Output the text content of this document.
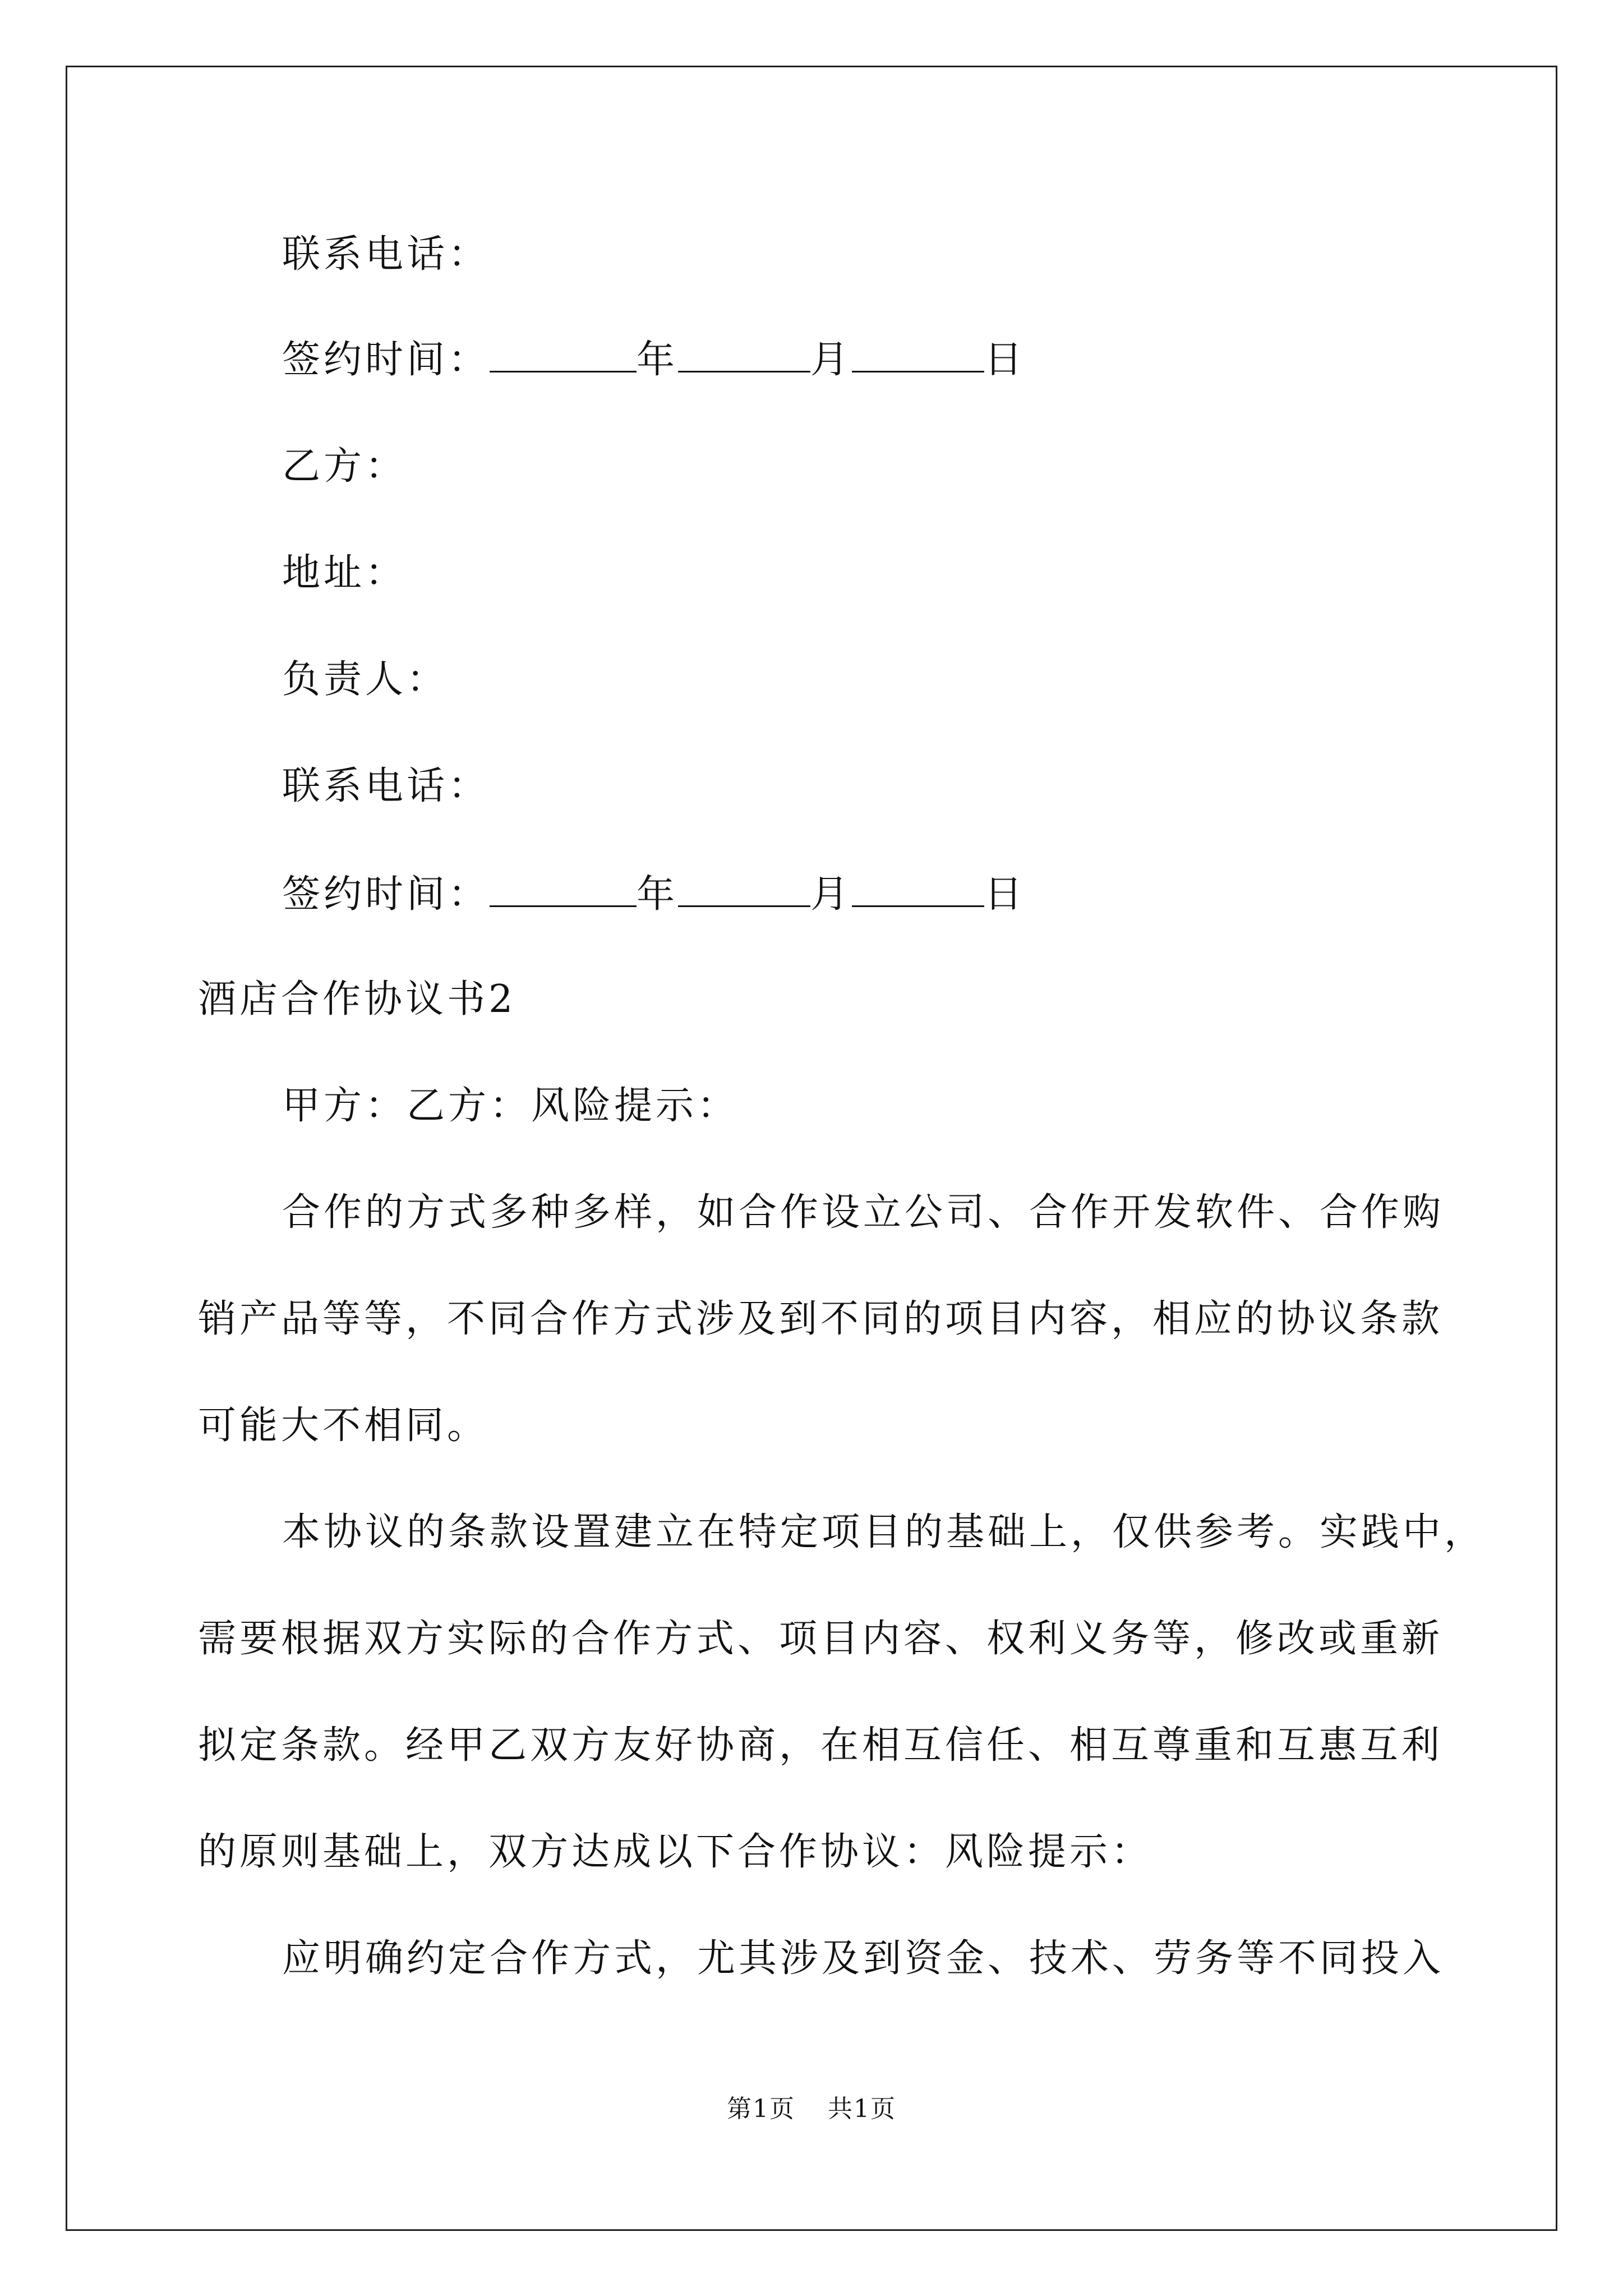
联系电话：
签约时间：	年	月	日
乙方：
地址：
负责人：
联系电话：
签约时间：	年	月	日
酒店合作协议书2
甲方：乙方：风险提示：
合作的方式多种多样，如合作设立公司、合作开发软件、合作购
销产品等等，不同合作方式涉及到不同的项目内容，相应的协议条款
可能大不相同。
本协议的条款设置建立在特定项目的基础上，仅供参考。实践中，
需要根据双方实际的合作方式、项目内容、权利义务等，修改或重新
拟定条款。经甲乙双方友好协商，在相互信任、相互尊重和互惠互利
的原则基础上，双方达成以下合作协议：风险提示：
应明确约定合作方式，尤其涉及到资金、技术、劳务等不同投入
第1页 共1页
